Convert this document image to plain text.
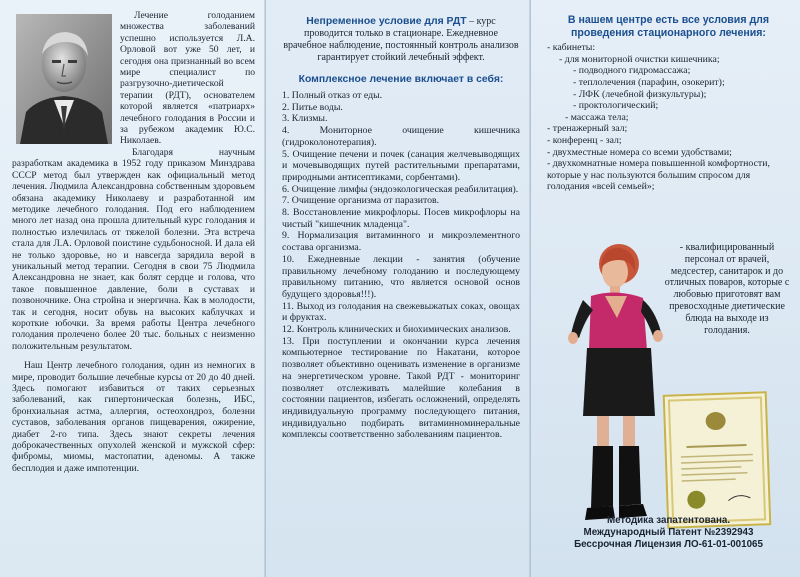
Лечение голоданием множества заболеваний успешно используется Л.А. Орловой вот уже 50 лет, и сегодня она признанный во всем мире специалист по разгрузочно-диетической терапии (РДТ), основателем которой является «патриарх» лечебного голодания в России и за рубежом академик Ю.С. Николаев.

Благодаря научным разработкам академика в 1952 году приказом Минздрава СССР метод был утвержден как официальный метод лечения. Людмила Александровна собственным здоровьем обязана академику Николаеву и разработанной им методике лечебного голодания. Под его наблюдением много лет назад она прошла длительный курс голодания и полностью излечилась от тяжелой болезни. Эта встреча стала для Л.А. Орловой поистине судьбоносной. И дала ей не только здоровье, но и навсегда зарядила верой в уникальный метод терапии. Сегодня в свои 75 Людмила Александровна не знает, как болят сердце и голова, что такое повышенное давление, боли в суставах и позвоночнике. Она стройна и энергична. Как в молодости, так и сегодня, носит обувь на высоких каблучках и короткие юбочки. За время работы Центра лечебного голодания пролечено более 20 тыс. больных с неизменно положительным результатом.

Наш Центр лечебного голодания, один из немногих в мире, проводит большие лечебные курсы от 20 до 40 дней. Здесь помогают избавиться от таких серьезных заболеваний, как гипертоническая болезнь, ИБС, бронхиальная астма, аллергия, остеохондроз, болезни суставов, заболевания органов пищеварения, ожирение, диабет 2-го типа. Здесь знают секреты лечения доброкачественных опухолей женской и мужской сфер: фибромы, миомы, мастопатии, аденомы. А также бесплодия и даже импотенции.

Непременное условие для РДТ – курс проводится только в стационаре. Ежедневное врачебное наблюдение, постоянный контроль анализов гарантирует стойкий лечебный эффект.
Комплексное лечение включает в себя:

1. Полный отказ от еды.

2. Питье воды.

3. Клизмы.

4. Мониторное очищение кишечника (гидроколонотерапия).

5. Очищение печени и почек (санация желчевыводящих и мочевыводящих путей растительными препаратами, природными антисептиками, сорбентами).

6. Очищение лимфы (эндоэкологическая реабилитация).

7. Очищение организма от паразитов.

8. Восстановление микрофлоры. Посев микрофлоры на чистый "кишечник младенца".

9. Нормализация витаминного и микроэлементного состава организма.

10. Ежедневные лекции - занятия (обучение правильному лечебному голоданию и последующему правильному питанию, что является основой основ будущего здоровья!!!).

11. Выход из голодания на свежевыжатых соках, овощах и фруктах.

12. Контроль клинических и биохимических анализов.

13. При поступлении и окончании курса лечения компьютерное тестирование по Накатани, которое позволяет объективно оценивать изменение в организме на энергетическом уровне. Такой РДТ - мониторинг позволяет отслеживать малейшие колебания в состоянии пациентов, избегать осложнений, определять индивидуальную программу последующего питания, индивидуально подбирать витаминноминеральные комплексы соответственно заболеваниям пациентов.

В нашем центре есть все условия для проведения стационарного лечения:
- кабинеты:
- для мониторной очистки кишечника;
- подводного гидромассажа;
- теплолечения (парафин, озокерит);
- ЛФК (лечебной физкультуры);
- проктологический;
- массажа тела;
- тренажерный зал;
- конференц - зал;
- двухместные номера со всеми удобствами;
- двухкомнатные номера повышенной комфортности, которые у нас пользуются большим спросом для голодания «всей семьей»;
- квалифицированный персонал от врачей, медсестер, санитарок и до отличных поваров, которые с любовью приготовят вам превосходные диетические блюда на выходе из голодания.
Методика запатентована.
Международный Патент №2392943
Бессрочная Лицензия ЛО-61-01-001065
